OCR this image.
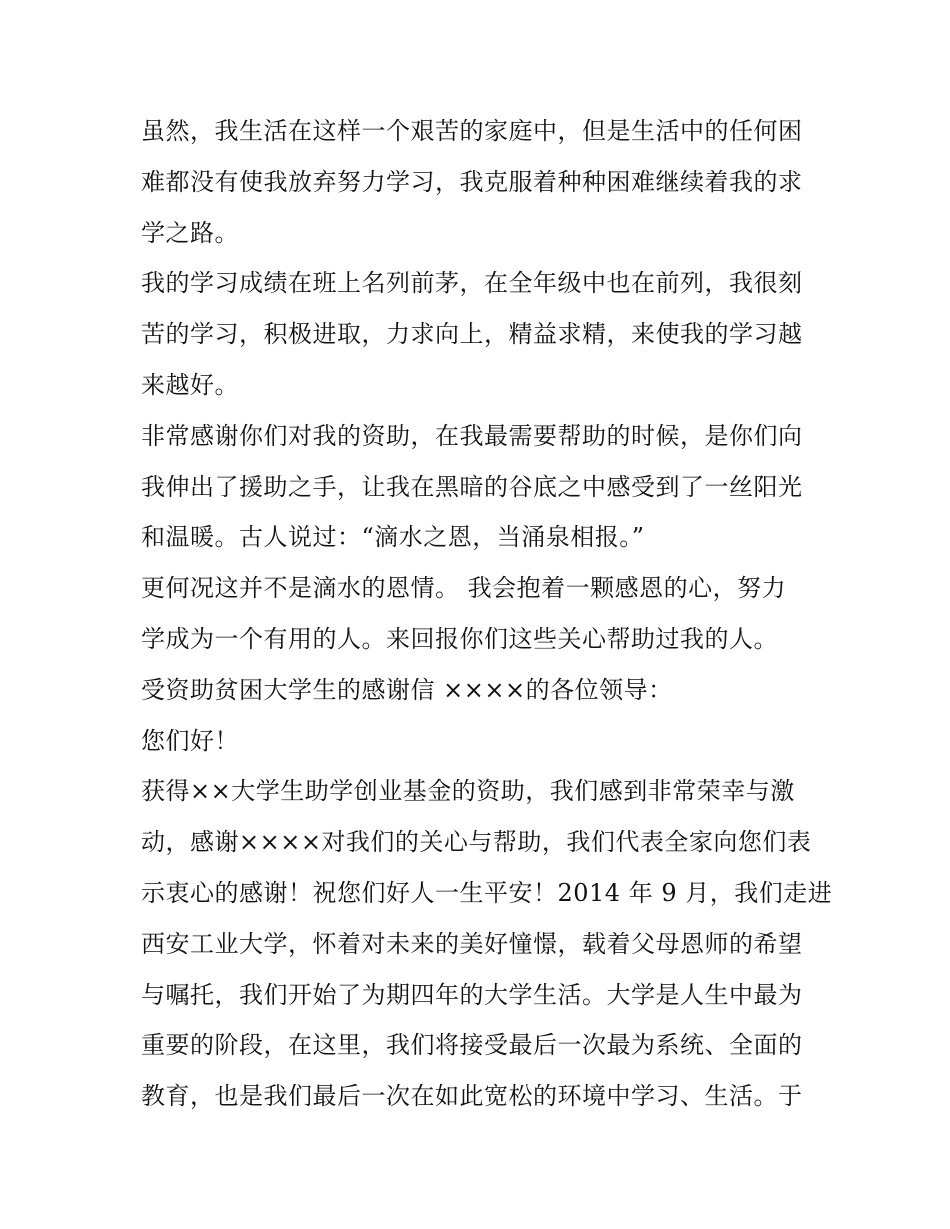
虽然，我生活在这样一个艰苦的家庭中，但是生活中的任何困
难都没有使我放弃努力学习，我克服着种种困难继续着我的求
学之路。
我的学习成绩在班上名列前茅，在全年级中也在前列，我很刻
苦的学习，积极进取，力求向上，精益求精，来使我的学习越
来越好。
非常感谢你们对我的资助，在我最需要帮助的时候，是你们向
我伸出了援助之手，让我在黑暗的谷底之中感受到了一丝阳光
和温暖。古人说过：“滴水之恩，当涌泉相报。”
更何况这并不是滴水的恩情。 我会抱着一颗感恩的心，努力
学成为一个有用的人。来回报你们这些关心帮助过我的人。
受资助贫困大学生的感谢信 ××××的各位领导：
您们好！
获得××大学生助学创业基金的资助，我们感到非常荣幸与激
动，感谢××××对我们的关心与帮助，我们代表全家向您们表
示衷心的感谢！祝您们好人一生平安！2014 年 9 月，我们走进
西安工业大学，怀着对未来的美好憧憬，载着父母恩师的希望
与嘱托，我们开始了为期四年的大学生活。大学是人生中最为
重要的阶段，在这里，我们将接受最后一次最为系统、全面的
教育，也是我们最后一次在如此宽松的环境中学习、生活。于
